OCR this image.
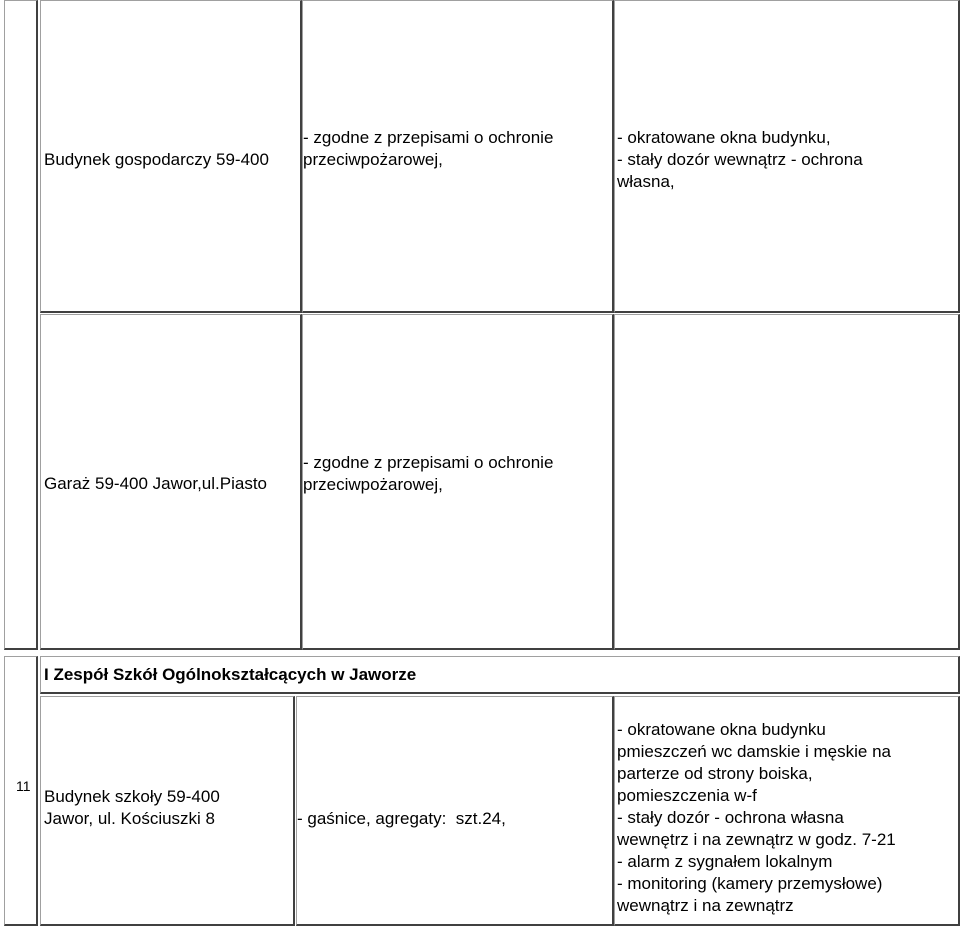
Budynek gospodarczy 59-400
- zgodne z przepisami o ochronie
przeciwpożarowej,
- okratowane okna budynku,
- stały dozór wewnątrz - ochrona
własna,
Garaż 59-400 Jawor,ul.Piasto
- zgodne z przepisami o ochronie
przeciwpożarowej,
I Zespół Szkół Ogólnokształcących w Jaworze
11
Budynek szkoły 59-400
Jawor, ul. Kościuszki 8	- gaśnice, agregaty:  szt.24,
- okratowane okna budynku
pmieszczeń wc damskie i męskie na
parterze od strony boiska,
pomieszczenia w-f
- stały dozór - ochrona własna
wewnętrz i na zewnątrz w godz. 7-21
- alarm z sygnałem lokalnym
- monitoring (kamery przemysłowe)
wewnątrz i na zewnątrz
